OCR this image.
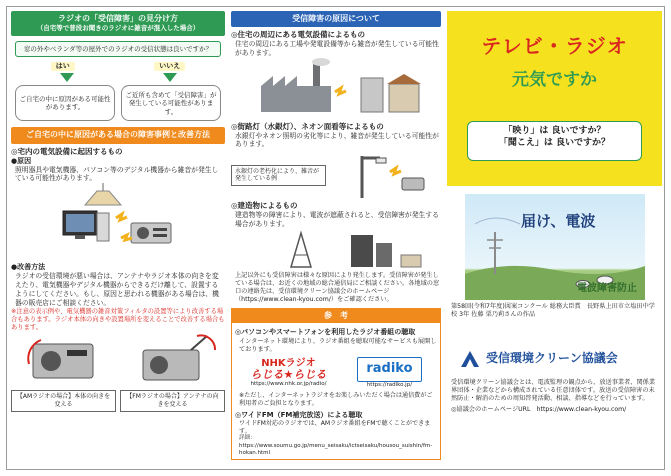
ラジオの「受信障害」の見分け方
（自宅等で普段お聞きのラジオに雑音が混入した場合）
窓の外やベランダ等の屋外でのラジオの受信状態は良いですか？
はい	いいえ
ご自宅の中に原因がある可能性があります。
ご近所も含めて「受信障害」が発生している可能性があります。
ご自宅の中に原因がある場合の障害事例と改善方法
◎宅内の電気設備に起因するもの
●原因
照明器具や電気機器、パソコン等のデジタル機器から雑音が発生している可能性があります。
●改善方法
ラジオの受信環境が悪い場合は、アンテナやラジオ本体の向きを変えたり、電気機器やデジタル機器からできるだけ離して、設置するようにしてください。もし、原因と思われる機器がある場合は、機器の販売店にご相談ください。
※注意の表示例や、電気機器の雑音対策フィルタの設置等により改善する場合もあります。ラジオ本体の向きや設置場所を変えることで改善する場合もあります。
【AMラジオの場合】本体の向きを変える
【FMラジオの場合】アンテナの向きを変える
受信障害の原因について
◎住宅の周辺にある電気設備によるもの
住宅の周辺にある工場や発電設備等から雑音が発生している可能性があります。
◎街路灯（水銀灯）、ネオン面看等によるもの
水銀灯やネオン照明の劣化等により、雑音が発生している可能性があります。
水銀灯の老朽化により、雑音が発生している例
◎建造物によるもの
建造物等の障害により、電波が遮蔽されると、受信障害が発生する場合があります。
上記以外にも受信障害は様々な原因により発生します。受信障害が発生している場合は、お近くの地域の総合通信局にご相談ください。各地域の窓口の連絡先は、受信環境クリーン協議会のホームページ（https://www.clean-kyou.com/）をご確認ください。
参　考
◎パソコンやスマートフォンを利用したラジオ番組の聴取
インターネット環境により、ラジオ番組を聴取可能なサービスも展開しております。
NHKラジオ
らじる★らじる
https://www.nhk.or.jp/radio/
radiko
https://radiko.jp/
※ただし、インターネットラジオをお楽しみいただく場合は通信費がご利用者のご負担となります。
◎ワイドFM（FM補完放送）による聴取
ワイドFM対応のラジオでは、AMラジオ番組をFMで聴くことができます。
詳細：https://www.soumu.go.jp/menu_seisaku/ictseisaku/housou_suishin/fm-hokan.html
テレビ・ラジオ
元気ですか
「映り」は 良いですか？
「聞こえ」は 良いですか？
届け、電波
電波障害防止
第58回(令和7年度)図案コンクール 総務大臣賞　長野県上田市立塩田中学校 3年 佐藤 栗乃莉さんの作品
受信環境クリーン協議会
受信環境クリーン協議会とは、電波監理の観点から、放送事業者、関係業界団体・企業などから構成されている任意団体です。放送の受信障害の未然防止・解消のための周知啓発活動、相談、指導などを行っています。
◎協議会のホームページURL　https://www.clean-kyou.com/
